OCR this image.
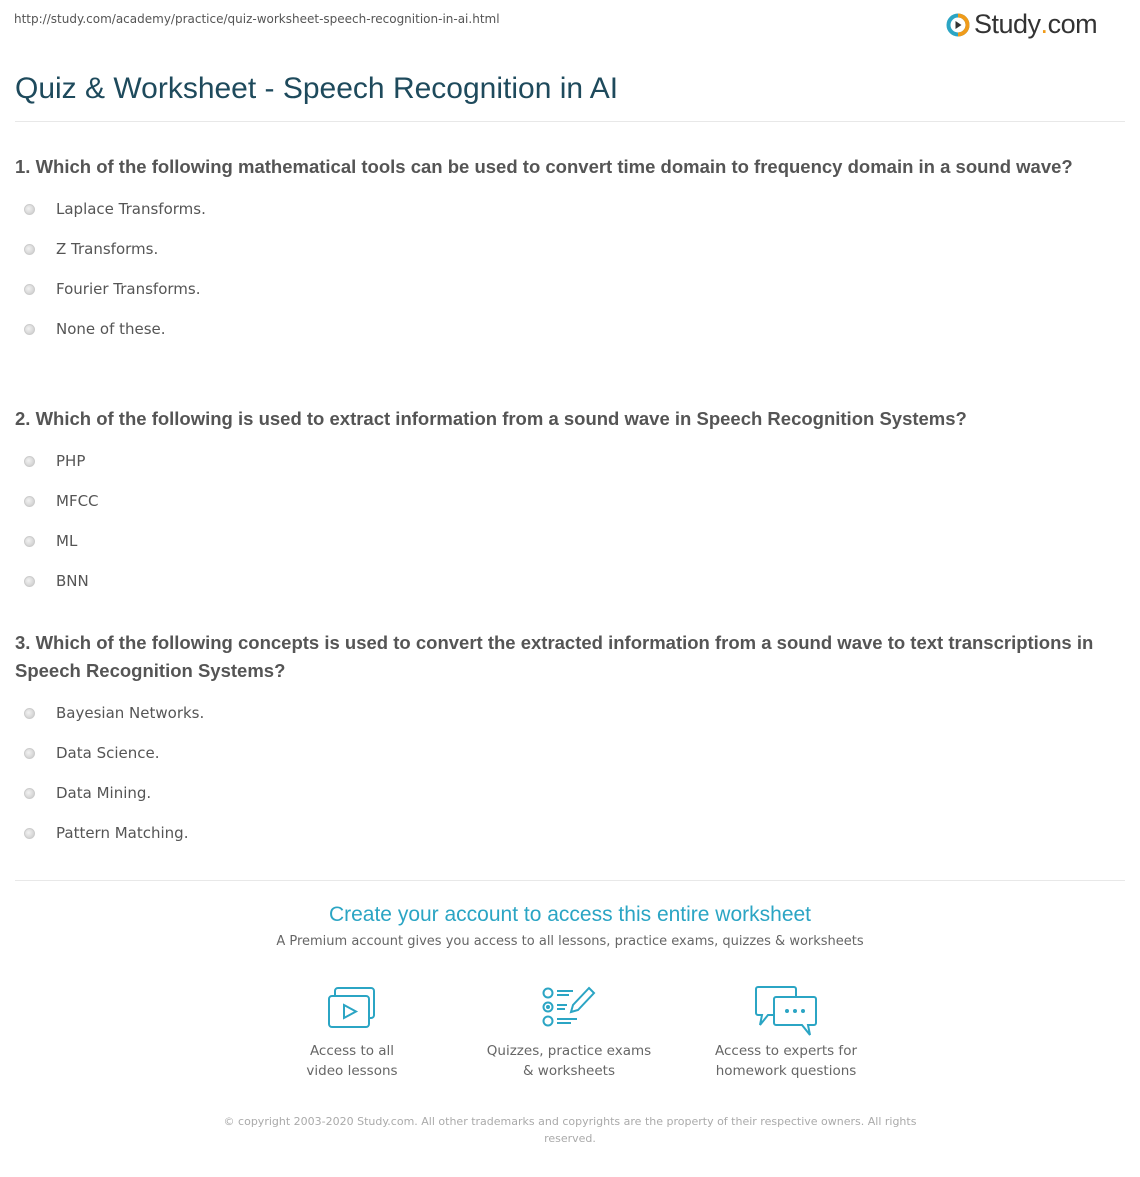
http://study.com/academy/practice/quiz-worksheet-speech-recognition-in-ai.html	Study . com
Quiz & Worksheet - Speech Recognition in AI
1. Which of the following mathematical tools can be used to convert time domain to frequency domain in a sound wave?
Laplace Transforms.
Z Transforms.
Fourier Transforms.
None of these.
2. Which of the following is used to extract information from a sound wave in Speech Recognition Systems?
PHP
MFCC
ML
BNN
3. Which of the following concepts is used to convert the extracted information from a sound wave to text transcriptions in Speech Recognition Systems?
Bayesian Networks.
Data Science.
Data Mining.
Pattern Matching.
Create your account to access this entire worksheet
A Premium account gives you access to all lessons, practice exams, quizzes & worksheets
Access to all
video lessons
Quizzes, practice exams
& worksheets
Access to experts for
homework questions
© copyright 2003-2020 Study.com. All other trademarks and copyrights are the property of their respective owners. All rights reserved.
